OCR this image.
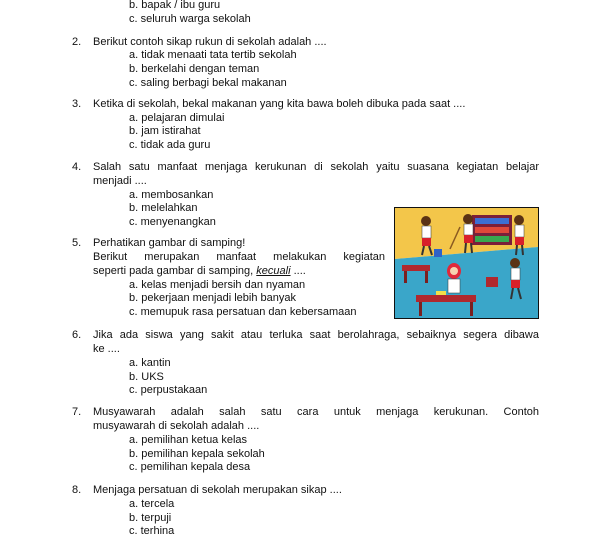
b. bapak / ibu guru
c. seluruh warga sekolah
2. Berikut contoh sikap rukun di sekolah adalah ....
a. tidak menaati tata tertib sekolah
b. berkelahi dengan teman
c. saling berbagi bekal makanan
3. Ketika di sekolah, bekal makanan yang kita bawa boleh dibuka pada saat ....
a. pelajaran dimulai
b. jam istirahat
c. tidak ada guru
4. Salah satu manfaat menjaga kerukunan di sekolah yaitu suasana kegiatan belajar
menjadi ....
a. membosankan
b. melelahkan
c. menyenangkan
5. Perhatikan gambar di samping!
Berikut merupakan manfaat melakukan kegiatan
seperti pada gambar di samping, kecuali ....
a. kelas menjadi bersih dan nyaman
b. pekerjaan menjadi lebih banyak
c. memupuk rasa persatuan dan kebersamaan
6. Jika ada siswa yang sakit atau terluka saat berolahraga, sebaiknya segera dibawa
ke ....
a. kantin
b. UKS
c. perpustakaan
7. Musyawarah adalah salah satu cara untuk menjaga kerukunan. Contoh
musyawarah di sekolah adalah ....
a. pemilihan ketua kelas
b. pemilihan kepala sekolah
c. pemilihan kepala desa
8. Menjaga persatuan di sekolah merupakan sikap ....
a. tercela
b. terpuji
c. terhina
